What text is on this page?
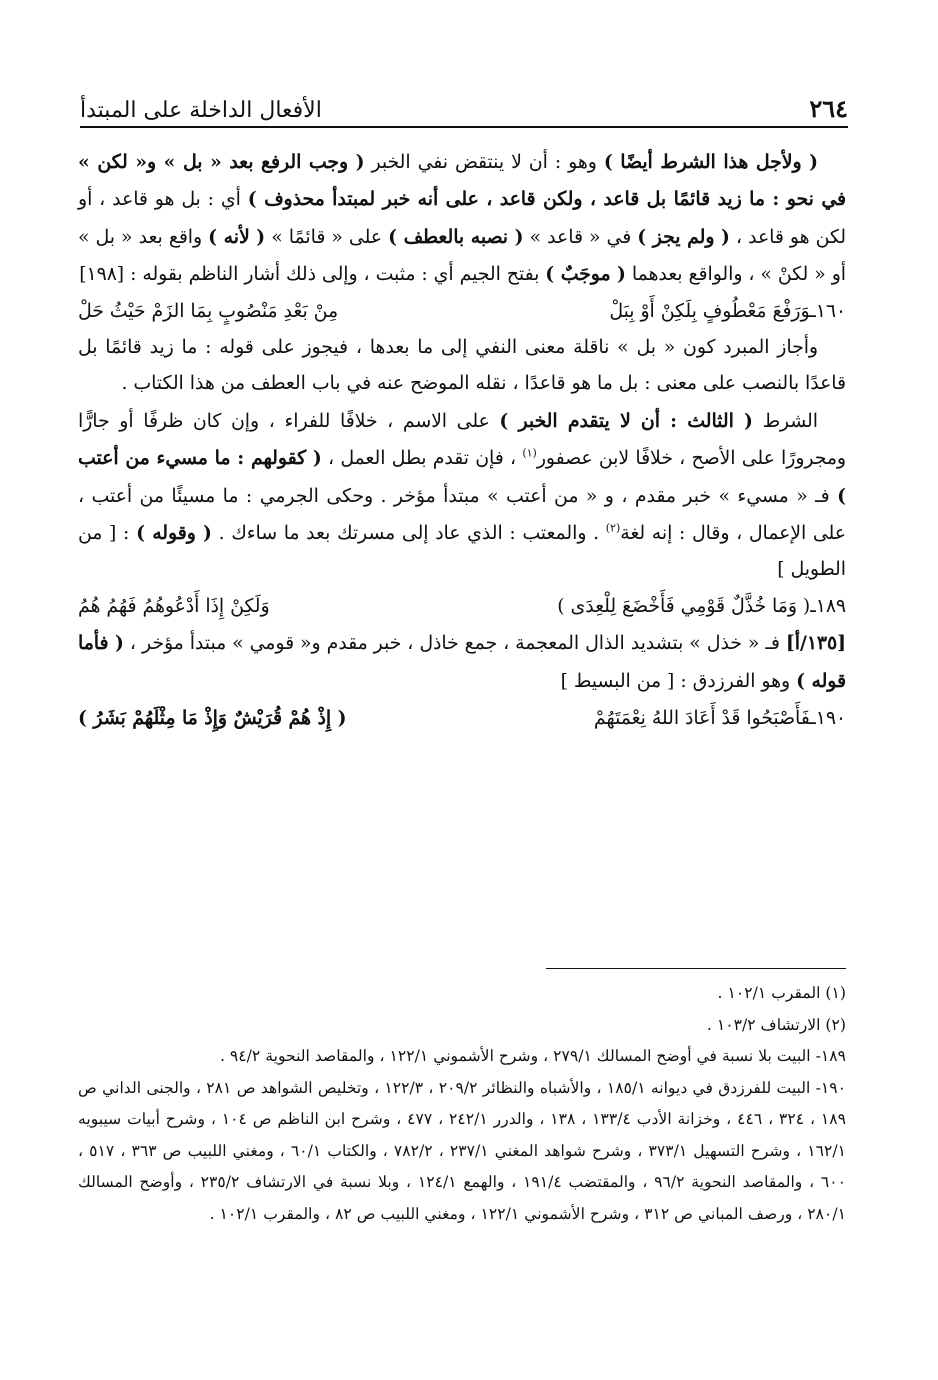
٢٦٤
الأفعال الداخلة على المبتدأ

( ولأجل هذا الشرط أيضًا ) وهو : أن لا ينتقض نفي الخبر ( وجب الرفع بعد « بل » و« لكن » في نحو : ما زيد قائمًا بل قاعد ، ولكن قاعد ، على أنه خبر لمبتدأ محذوف ) أي : بل هو قاعد ، أو لكن هو قاعد ، ( ولم يجز ) في « قاعد » ( نصبه بالعطف ) على « قائمًا » ( لأنه ) واقع بعد « بل » أو « لكنْ » ، والواقع بعدهما ( موجَبٌ ) بفتح الجيم أي : مثبت ، وإلى ذلك أشار الناظم بقوله : [١٩٨]

١٦٠ـوَرَفْعَ مَعْطُوفٍ بِلَكِنْ أَوْ بِبَلْ
مِنْ بَعْدِ مَنْصُوبٍ بِمَا الزَمْ حَيْثُ حَلْ

وأجاز المبرد كون « بل » ناقلة معنى النفي إلى ما بعدها ، فيجوز على قوله : ما زيد قائمًا بل قاعدًا بالنصب على معنى : بل ما هو قاعدًا ، نقله الموضح عنه في باب العطف من هذا الكتاب .

الشرط ( الثالث : أن لا يتقدم الخبر ) على الاسم ، خلافًا للفراء ، وإن كان ظرفًا أو جارًّا ومجرورًا على الأصح ، خلافًا لابن عصفور$^{(١)}$ ، فإن تقدم بطل العمل ، ( كقولهم : ما مسيء من أعتب ) فـ « مسيء » خبر مقدم ، و « من أعتب » مبتدأ مؤخر . وحكى الجرمي : ما مسيئًا من أعتب ، على الإعمال ، وقال : إنه لغة$^{(٢)}$ . والمعتب : الذي عاد إلى مسرتك بعد ما ساءك . ( وقوله ) : [ من الطويل ]

١٨٩ـ( وَمَا خُذَّلٌ قَوْمِي فَأَخْضَعَ لِلْعِدَى )
وَلَكِنْ إِذَا أَدْعُوهُمُ فَهُمُ هُمُ

[١٣٥/أ] فـ « خذل » بتشديد الذال المعجمة ، جمع خاذل ، خبر مقدم و« قومي » مبتدأ مؤخر ، ( فأما قوله ) وهو الفرزدق : [ من البسيط ]

١٩٠ـفَأَصْبَحُوا قَدْ أَعَادَ اللهُ نِعْمَتَهُمْ
( إِذْ هُمْ قُرَيْشٌ وَإِذْ مَا مِثْلَهُمْ بَشَرُ )

(١) المقرب ١٠٢/١ .

(٢) الارتشاف ١٠٣/٢ .

١٨٩- البيت بلا نسبة في أوضح المسالك ٢٧٩/١ ، وشرح الأشموني ١٢٢/١ ، والمقاصد النحوية ٩٤/٢ .

١٩٠- البيت للفرزدق في ديوانه ١٨٥/١ ، والأشباه والنظائر ٢٠٩/٢ ، ١٢٢/٣ ، وتخليص الشواهد ص ٢٨١ ، والجنى الداني ص ١٨٩ ، ٣٢٤ ، ٤٤٦ ، وخزانة الأدب ١٣٣/٤ ، ١٣٨ ، والدرر ٢٤٢/١ ، ٤٧٧ ، وشرح ابن الناظم ص ١٠٤ ، وشرح أبيات سيبويه ١٦٢/١ ، وشرح التسهيل ٣٧٣/١ ، وشرح شواهد المغني ٢٣٧/١ ، ٧٨٢/٢ ، والكتاب ٦٠/١ ، ومغني اللبيب ص ٣٦٣ ، ٥١٧ ، ٦٠٠ ، والمقاصد النحوية ٩٦/٢ ، والمقتضب ١٩١/٤ ، والهمع ١٢٤/١ ، وبلا نسبة في الارتشاف ٢٣٥/٢ ، وأوضح المسالك ٢٨٠/١ ، ورصف المباني ص ٣١٢ ، وشرح الأشموني ١٢٢/١ ، ومغني اللبيب ص ٨٢ ، والمقرب ١٠٢/١ .
